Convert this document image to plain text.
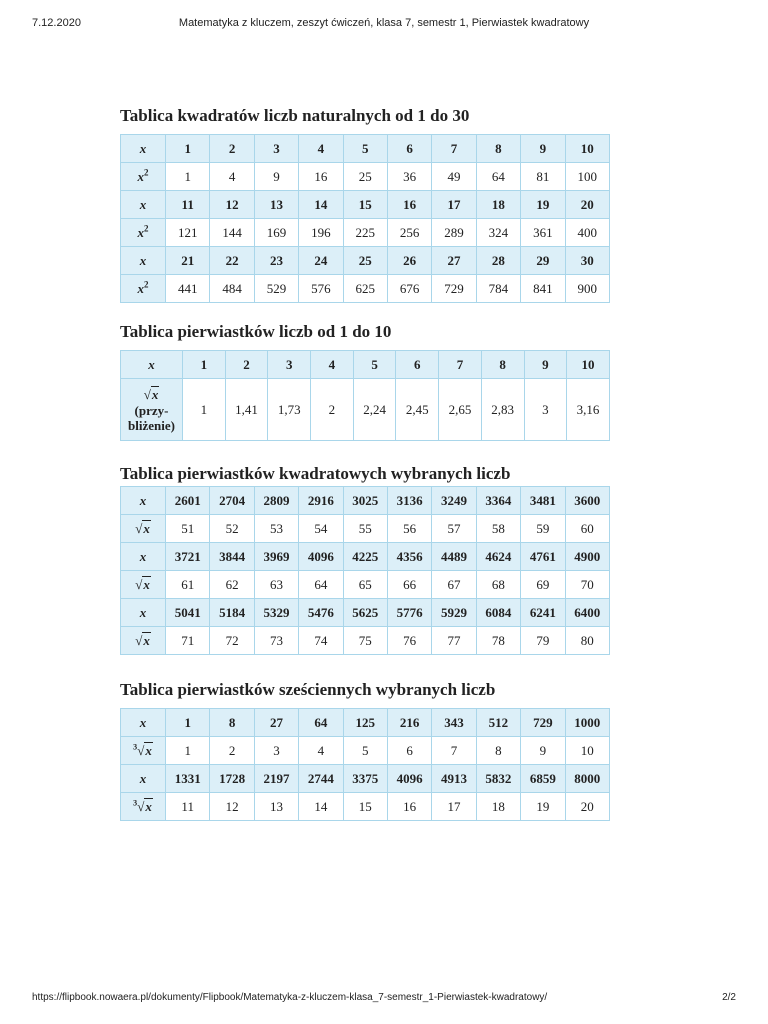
7.12.2020	Matematyka z kluczem, zeszyt ćwiczeń, klasa 7, semestr 1, Pierwiastek kwadratowy
Tablica kwadratów liczb naturalnych od 1 do 30
x	1	2	3	4	5	6	7	8	9	10
$x^2$	1	4	9	16	25	36	49	64	81	100
x	11	12	13	14	15	16	17	18	19	20
$x^2$	121	144	169	196	225	256	289	324	361	400
x	21	22	23	24	25	26	27	28	29	30
$x^2$	441	484	529	576	625	676	729	784	841	900
Tablica pierwiastków liczb od 1 do 10
x	1	2	3	4	5	6	7	8	9	10

√x
(przy-
bliżenie)	1	1,41	1,73	2	2,24	2,45	2,65	2,83	3	3,16
Tablica pierwiastków kwadratowych wybranych liczb
x	2601	2704	2809	2916	3025	3136	3249	3364	3481	3600
√x	51	52	53	54	55	56	57	58	59	60
x	3721	3844	3969	4096	4225	4356	4489	4624	4761	4900
√x	61	62	63	64	65	66	67	68	69	70
x	5041	5184	5329	5476	5625	5776	5929	6084	6241	6400
√x	71	72	73	74	75	76	77	78	79	80
Tablica pierwiastków sześciennych wybranych liczb
x	1	8	27	64	125	216	343	512	729	1000
$^3$√x	1	2	3	4	5	6	7	8	9	10
x	1331	1728	2197	2744	3375	4096	4913	5832	6859	8000
$^3$√x	11	12	13	14	15	16	17	18	19	20
https://flipbook.nowaera.pl/dokumenty/Flipbook/Matematyka-z-kluczem-klasa_7-semestr_1-Pierwiastek-kwadratowy/	2/2
